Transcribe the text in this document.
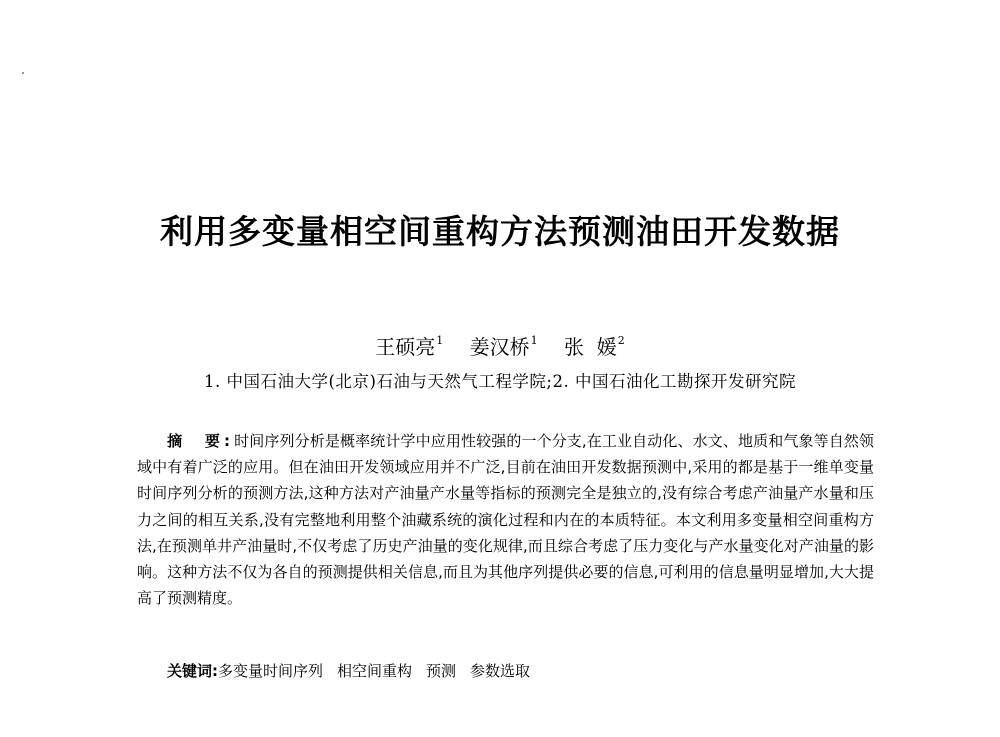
利用多变量相空间重构方法预测油田开发数据
王硕亮$^1$ 姜汉桥$^1$ 张  媛$^2$
1. 中国石油大学(北京)石油与天然气工程学院;2. 中国石油化工勘探开发研究院
摘  要:时间序列分析是概率统计学中应用性较强的一个分支,在工业自动化、水文、地质和气象等自然领域中有着广泛的应用。但在油田开发领域应用并不广泛,目前在油田开发数据预测中,采用的都是基于一维单变量时间序列分析的预测方法,这种方法对产油量产水量等指标的预测完全是独立的,没有综合考虑产油量产水量和压力之间的相互关系,没有完整地利用整个油藏系统的演化过程和内在的本质特征。本文利用多变量相空间重构方法,在预测单井产油量时,不仅考虑了历史产油量的变化规律,而且综合考虑了压力变化与产水量变化对产油量的影响。这种方法不仅为各自的预测提供相关信息,而且为其他序列提供必要的信息,可利用的信息量明显增加,大大提高了预测精度。
关键词:多变量时间序列 相空间重构 预测 参数选取
